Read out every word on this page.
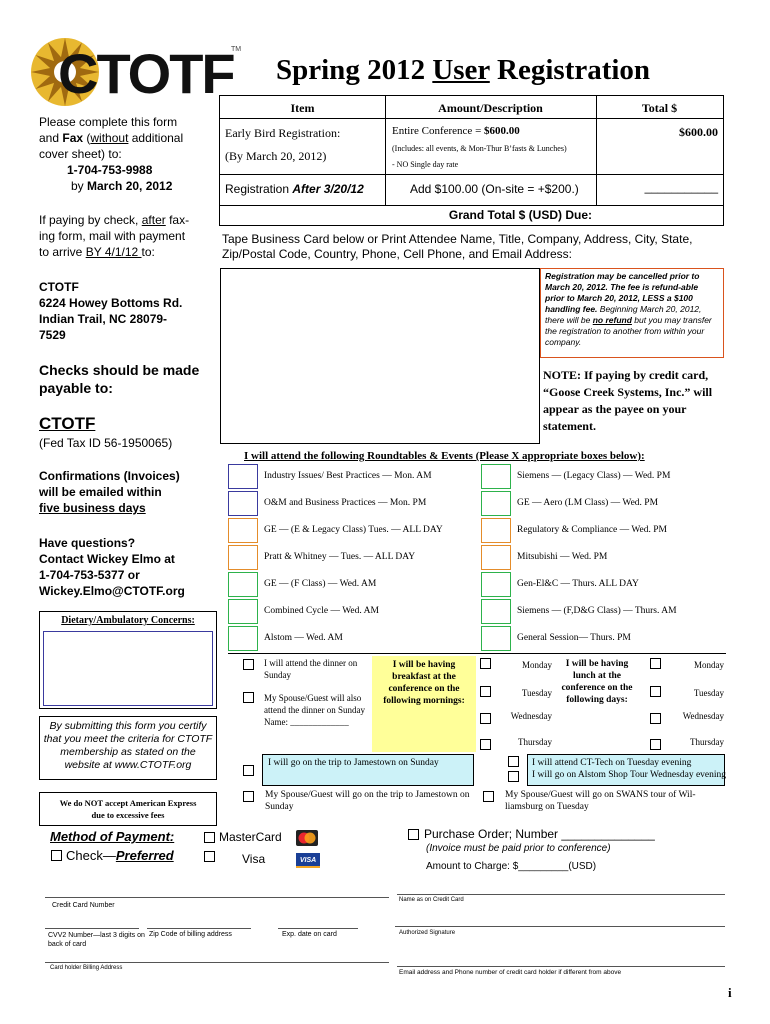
CTOTF
TM
Spring 2012 User Registration
Item	Amount/Description	Total $
Early Bird Registration:
(By March 20, 2012)
Entire Conference = $600.00
(Includes: all events, & Mon-Thur B’fasts & Lunches)
- NO Single day rate
$600.00
Registration After 3/20/12	Add $100.00 (On-site = +$200.)	___________
Grand Total $ (USD) Due:
Please complete this form
and Fax (without additional
cover sheet) to:
1-704-753-9988
by March 20, 2012
If paying by check, after fax-
ing form, mail with payment
to arrive BY 4/1/12 to:
CTOTF
6224 Howey Bottoms Rd.
Indian Trail, NC 28079-
7529
Checks should be made
payable to:
CTOTF
(Fed Tax ID 56-1950065)
Confirmations (Invoices)
will be emailed within
five business days
Have questions?
Contact Wickey Elmo at
1-704-753-5377 or
Wickey.Elmo@CTOTF.org
Dietary/Ambulatory Concerns:
By submitting this form you certify that you meet the criteria for CTOTF membership as stated on the website at www.CTOTF.org
We do NOT accept American Express
due to excessive fees
Tape Business Card below or Print Attendee Name, Title, Company, Address, City, State, Zip/Postal Code, Country, Phone, Cell Phone, and Email Address:
Registration may be cancelled prior to March 20, 2012. The fee is refund-able prior to March 20, 2012, LESS a $100 handling fee. Beginning March 20, 2012, there will be no refund but you may transfer the registration to another from within your company.
NOTE: If paying by credit card, “Goose Creek Systems, Inc.” will appear as the payee on your statement.
I will attend the following Roundtables & Events (Please X appropriate boxes below):
Industry Issues/ Best Practices — Mon. AM
O&M and Business Practices — Mon. PM
GE — (E & Legacy Class) Tues. — ALL DAY
Pratt & Whitney — Tues. — ALL DAY
GE — (F Class) — Wed. AM
Combined Cycle — Wed. AM
Alstom — Wed. AM
Siemens — (Legacy Class) — Wed. PM
GE — Aero (LM Class) — Wed. PM
Regulatory & Compliance — Wed. PM
Mitsubishi — Wed. PM
Gen-El&C — Thurs. ALL DAY
Siemens — (F,D&G Class) — Thurs. AM
General Session— Thurs. PM
I will attend the dinner on Sunday
My Spouse/Guest will also attend the dinner on Sunday
Name: _____________
I will be having breakfast at the conference on the following mornings:
Monday
Tuesday
Wednesday
Thursday
I will be having lunch at the conference on the following days:
Monday
Tuesday
Wednesday
Thursday
I will go on the trip to Jamestown on Sunday	I will attend CT-Tech on Tuesday evening
I will go on Alstom Shop Tour Wednesday evening
My Spouse/Guest will go on the trip to Jamestown on Sunday
My Spouse/Guest will go on SWANS tour of Wil-liamsburg on Tuesday
Method of Payment:
Check—Preferred
MasterCard
Visa	VISA
Purchase Order; Number ______________
(Invoice must be paid prior to conference)
Amount to Charge: $_________(USD)
Credit Card Number
Name as on Credit Card
CVV2 Number—last 3 digits on back of card
Zip Code of billing address	Exp. date on card	Authorized Signature
Card holder Billing Address
Email address and Phone number of credit card holder if different from above
i
